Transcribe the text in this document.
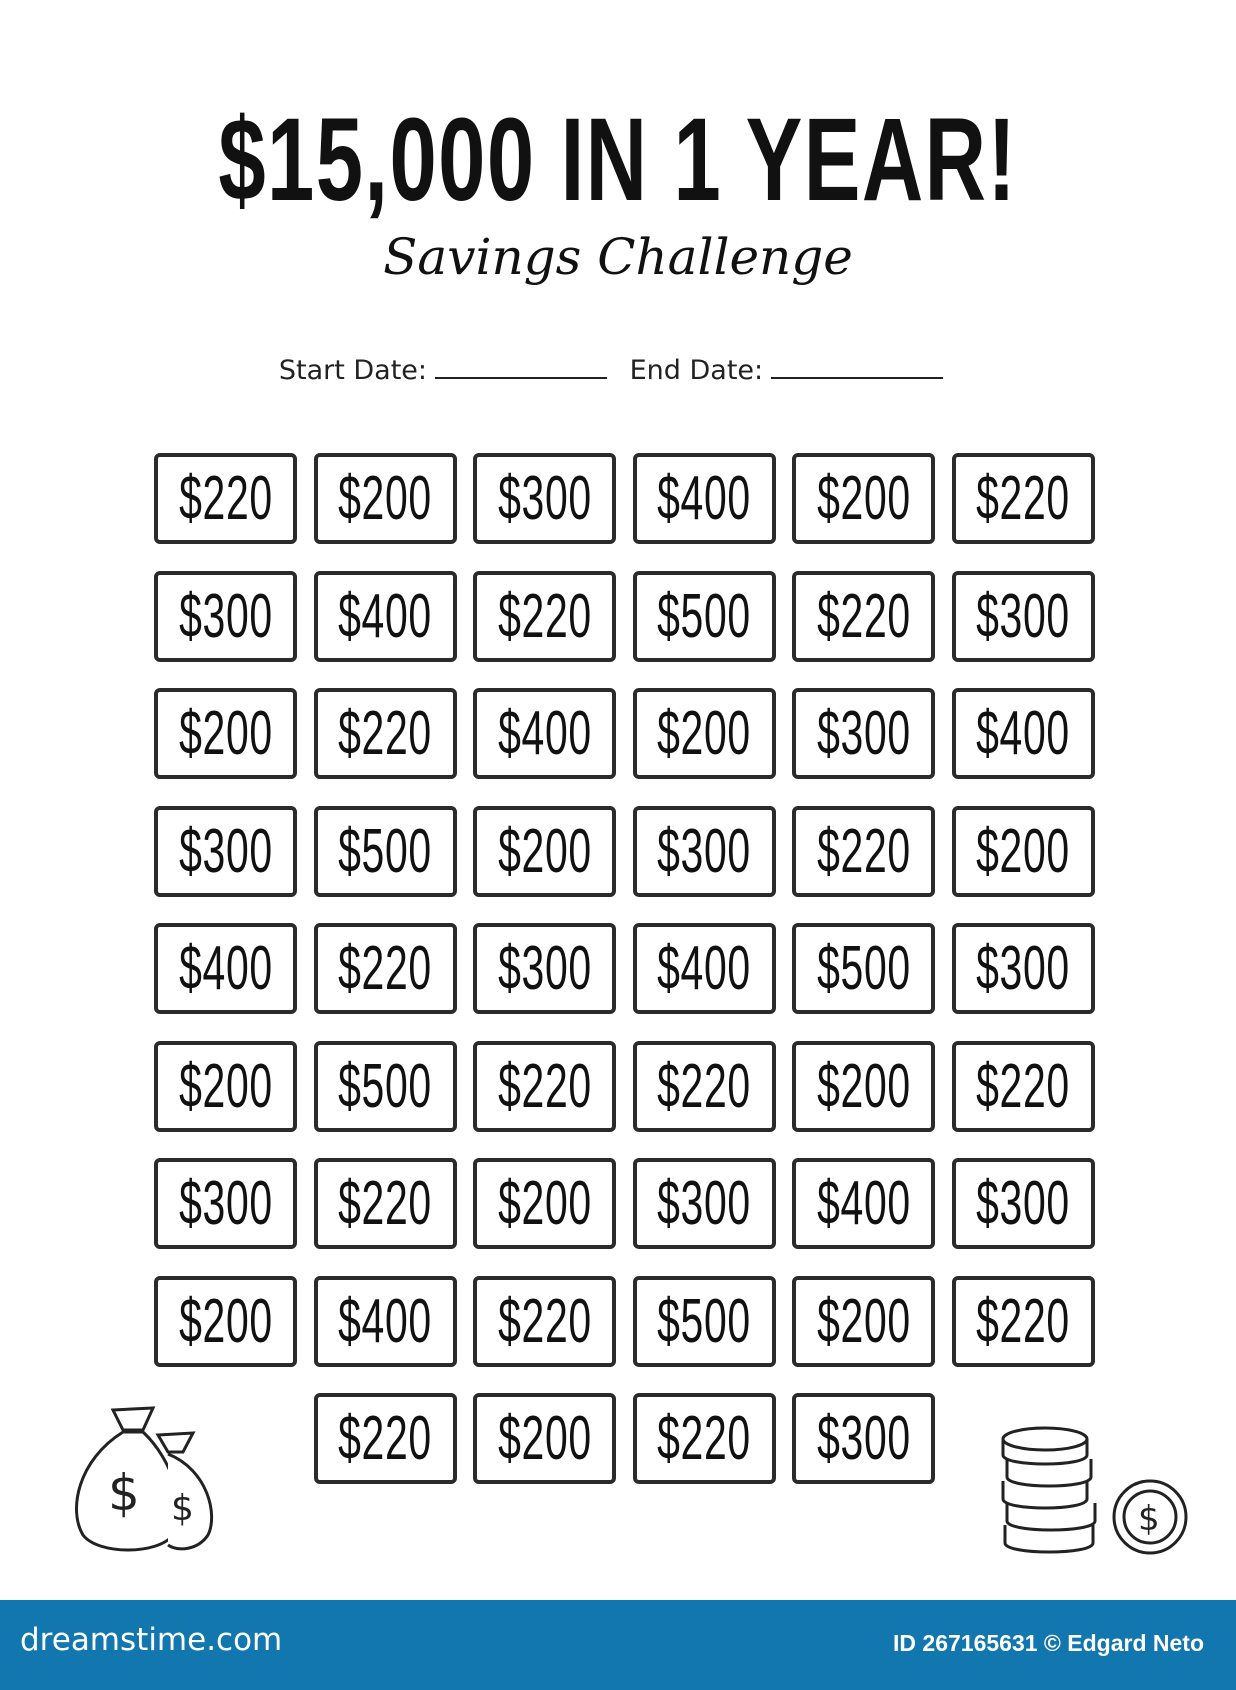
$15,000 IN 1 YEAR!
Savings Challenge
Start Date:	End Date:
$220 $200 $300 $400 $200 $220
$300 $400 $220 $500 $220 $300
$200 $220 $400 $200 $300 $400
$300 $500 $200 $300 $220 $200
$400 $220 $300 $400 $500 $300
$200 $500 $220 $220 $200 $220
$300 $220 $200 $300 $400 $300
$200 $400 $220 $500 $200 $220
$220 $200 $220 $300
$ $	$
dreamstime.com	ID 267165631 © Edgard Neto
